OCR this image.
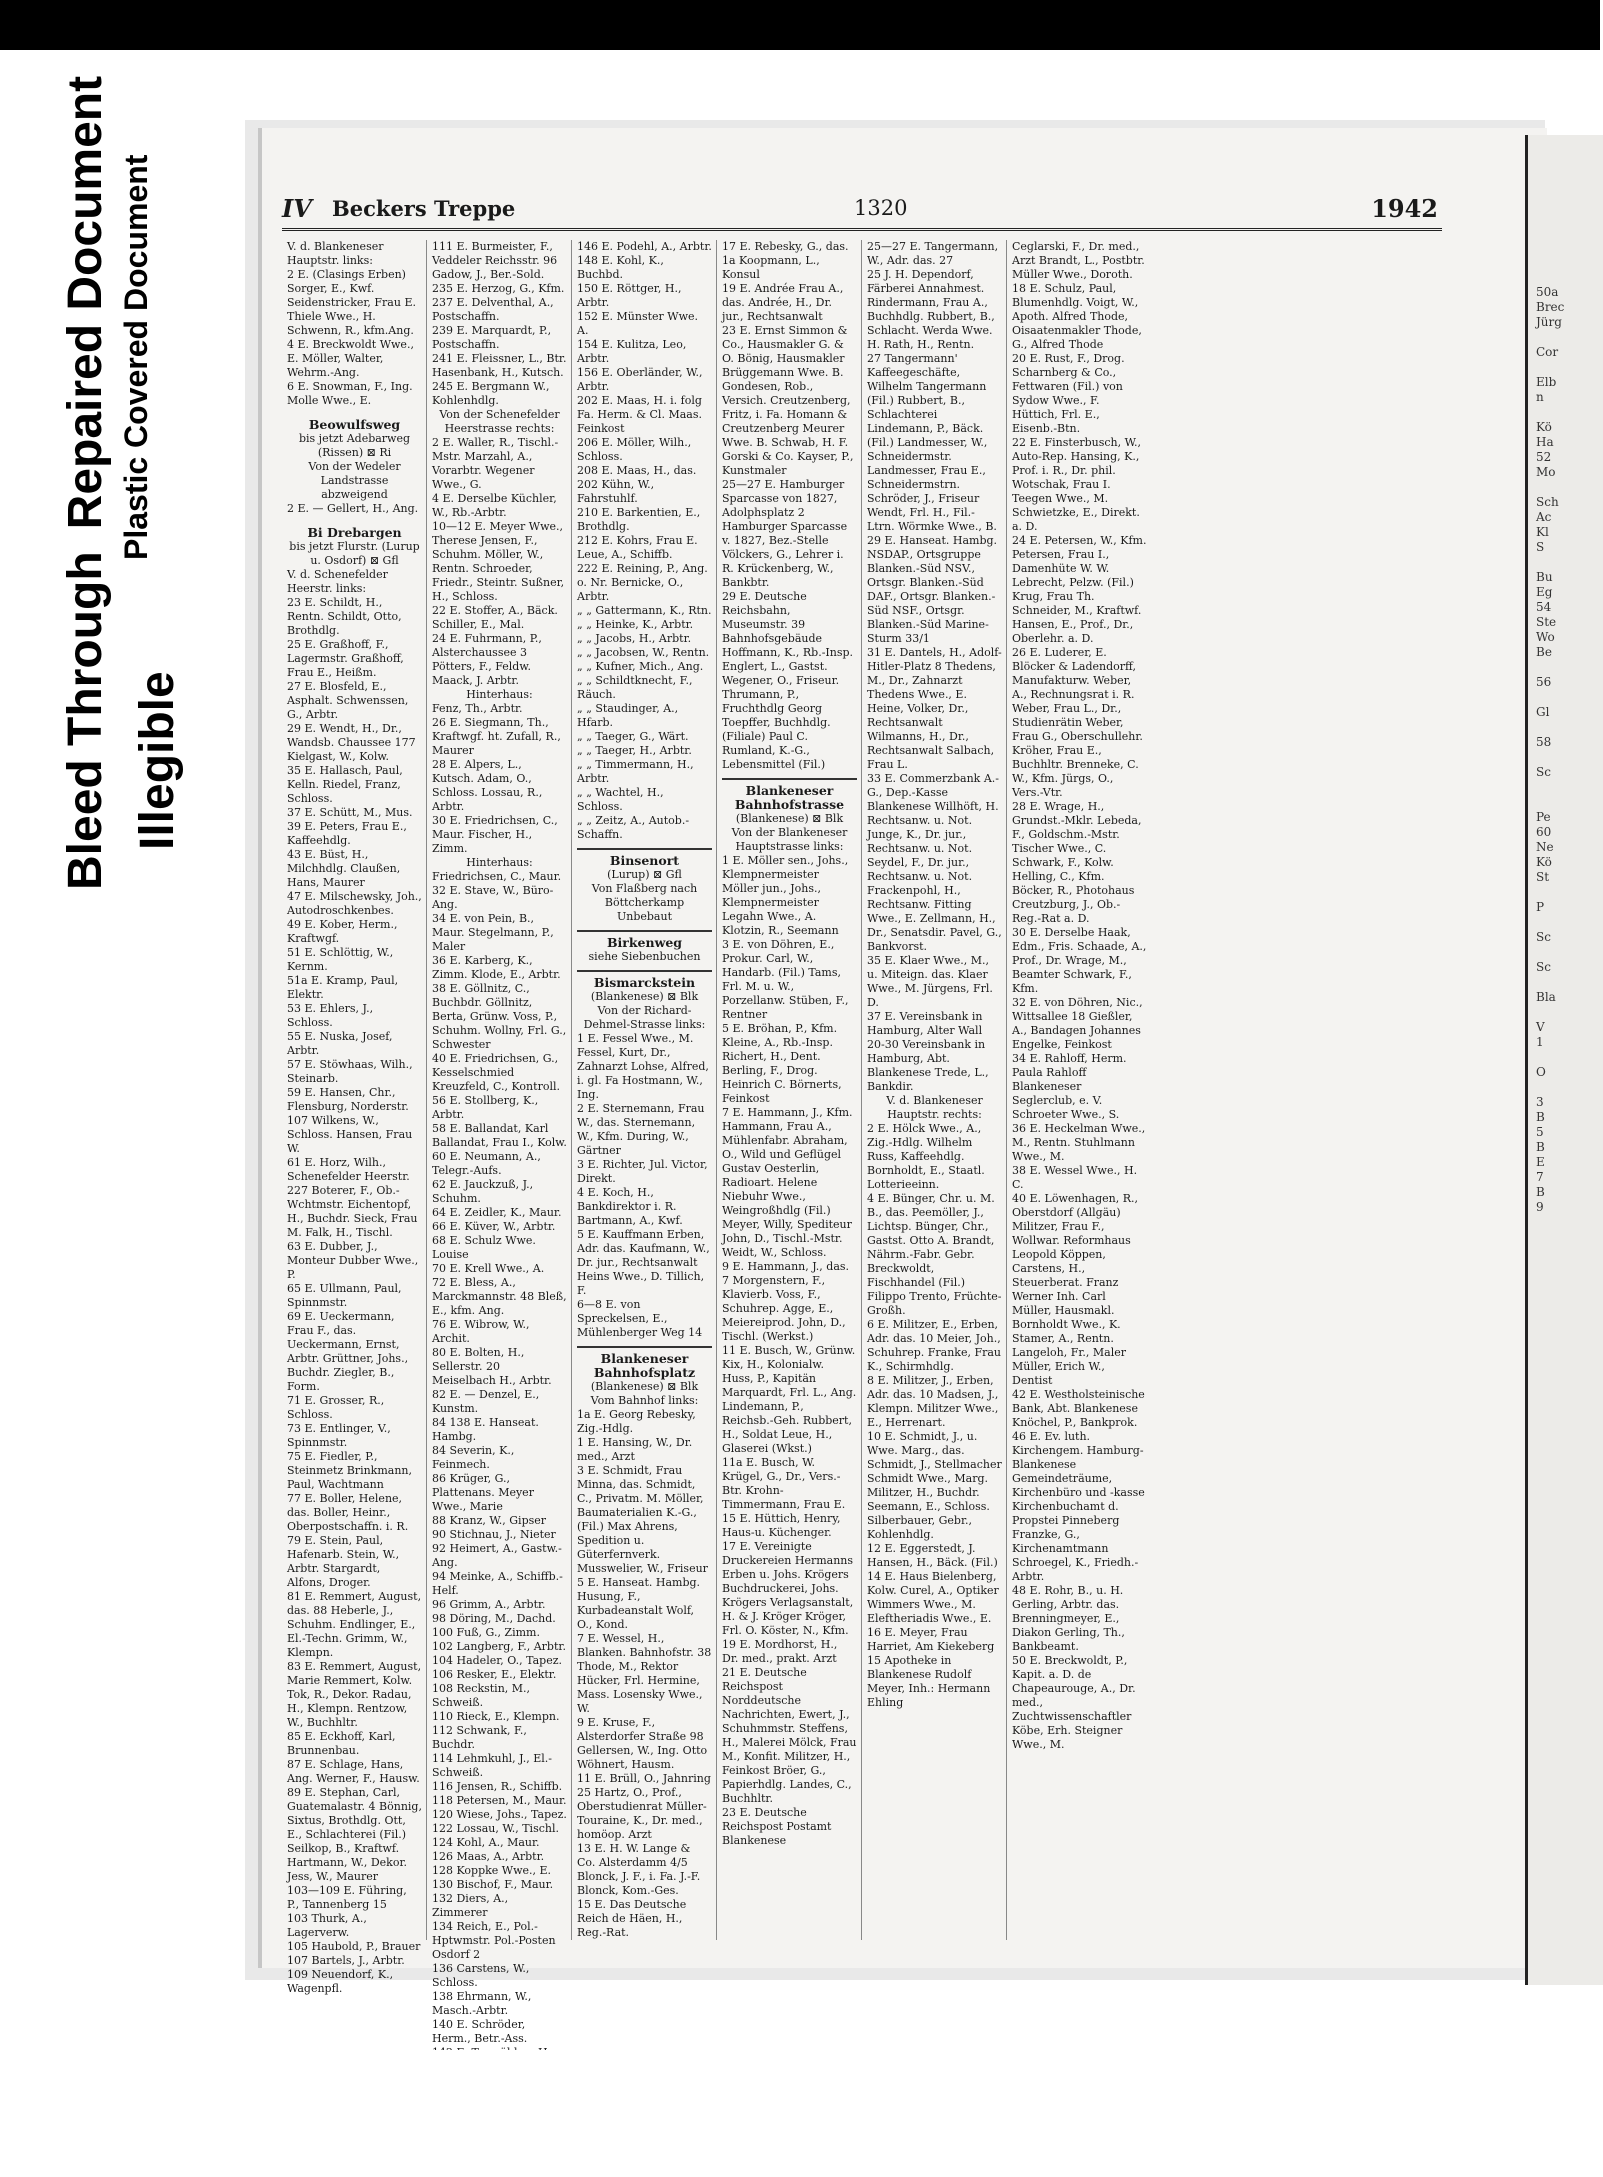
Bleed ThroughRepaired Document Plastic Covered Document
Illegible
50a
Brec
Jürg

Cor

Elb
n

Kö
Ha
52
Mo

Sch
Ac
Kl
S

Bu
Eg
54
Ste
Wo
Be

56

Gl

58

Sc

Pe
60
Ne
Kö
St

P

Sc

Sc

Bla

V
1

O

3
B
5
B
E
7
B
9
IV Beckers Treppe	1320	1942
V. d. Blankeneser Hauptstr. links:
2 E. (Clasings Erben) Sorger, E., Kwf. Seidenstricker, Frau E. Thiele Wwe., H. Schwenn, R., kfm.Ang.
4 E. Breckwoldt Wwe., E. Möller, Walter, Wehrm.-Ang.
6 E. Snowman, F., Ing. Molle Wwe., E.
Beowulfsweg
bis jetzt Adebarweg (Rissen) ⊠ Ri
Von der Wedeler Landstrasse abzweigend
2 E. — Gellert, H., Ang.
Bi Drebargen
bis jetzt Flurstr. (Lurup u. Osdorf) ⊠ Gfl
V. d. Schenefelder Heerstr. links:
23 E. Schildt, H., Rentn. Schildt, Otto, Brothdlg.
25 E. Graßhoff, F., Lagermstr. Graßhoff, Frau E., Heißm.
27 E. Blosfeld, E., Asphalt. Schwenssen, G., Arbtr.
29 E. Wendt, H., Dr., Wandsb. Chaussee 177 Kielgast, W., Kolw.
35 E. Hallasch, Paul, Kelln. Riedel, Franz, Schloss.
37 E. Schütt, M., Mus.
39 E. Peters, Frau E., Kaffeehdlg.
43 E. Büst, H., Milchhdlg. Claußen, Hans, Maurer
47 E. Milschewsky, Joh., Autodroschkenbes.
49 E. Kober, Herm., Kraftwgf.
51 E. Schlöttig, W., Kernm.
51a E. Kramp, Paul, Elektr.
53 E. Ehlers, J., Schloss.
55 E. Nuska, Josef, Arbtr.
57 E. Stöwhaas, Wilh., Steinarb.
59 E. Hansen, Chr., Flensburg, Norderstr. 107 Wilkens, W., Schloss. Hansen, Frau W.
61 E. Horz, Wilh., Schenefelder Heerstr. 227 Boterer, F., Ob.-Wchtmstr. Eichentopf, H., Buchdr. Sieck, Frau M. Falk, H., Tischl.
63 E. Dubber, J., Monteur Dubber Wwe., P.
65 E. Ullmann, Paul, Spinnmstr.
69 E. Ueckermann, Frau F., das. Ueckermann, Ernst, Arbtr. Grüttner, Johs., Buchdr. Ziegler, B., Form.
71 E. Grosser, R., Schloss.
73 E. Entlinger, V., Spinnmstr.
75 E. Fiedler, P., Steinmetz Brinkmann, Paul, Wachtmann
77 E. Boller, Helene, das. Boller, Heinr., Oberpostschaffn. i. R.
79 E. Stein, Paul, Hafenarb. Stein, W., Arbtr. Stargardt, Alfons, Droger.
81 E. Remmert, August, das. 88 Heberle, J., Schuhm. Endlinger, E., El.-Techn. Grimm, W., Klempn.
83 E. Remmert, August, Marie Remmert, Kolw. Tok, R., Dekor. Radau, H., Klempn. Rentzow, W., Buchhltr.
85 E. Eckhoff, Karl, Brunnenbau.
87 E. Schlage, Hans, Ang. Werner, F., Hausw.
89 E. Stephan, Carl, Guatemalastr. 4 Bönnig, Sixtus, Brothdlg. Ott, E., Schlachterei (Fil.) Seilkop, B., Kraftwf. Hartmann, W., Dekor. Jess, W., Maurer
103—109 E. Führing, P., Tannenberg 15
103 Thurk, A., Lagerverw.
105 Haubold, P., Brauer
107 Bartels, J., Arbtr.
109 Neuendorf, K., Wagenpfl.
111 E. Burmeister, F., Veddeler Reichsstr. 96 Gadow, J., Ber.-Sold.
235 E. Herzog, G., Kfm.
237 E. Delventhal, A., Postschaffn.
239 E. Marquardt, P., Postschaffn.
241 E. Fleissner, L., Btr. Hasenbank, H., Kutsch.
245 E. Bergmann W., Kohlenhdlg.
Von der Schenefelder Heerstrasse rechts:
2 E. Waller, R., Tischl.-Mstr. Marzahl, A., Vorarbtr. Wegener Wwe., G.
4 E. Derselbe Küchler, W., Rb.-Arbtr.
10—12 E. Meyer Wwe., Therese Jensen, F., Schuhm. Möller, W., Rentn. Schroeder, Friedr., Steintr. Sußner, H., Schloss.
22 E. Stoffer, A., Bäck. Schiller, E., Mal.
24 E. Fuhrmann, P., Alsterchaussee 3 Pötters, F., Feldw. Maack, J. Arbtr.
Hinterhaus:
Fenz, Th., Arbtr.
26 E. Siegmann, Th., Kraftwgf. ht. Zufall, R., Maurer
28 E. Alpers, L., Kutsch. Adam, O., Schloss. Lossau, R., Arbtr.
30 E. Friedrichsen, C., Maur. Fischer, H., Zimm.
Hinterhaus:
Friedrichsen, C., Maur.
32 E. Stave, W., Büro-Ang.
34 E. von Pein, B., Maur. Stegelmann, P., Maler
36 E. Karberg, K., Zimm. Klode, E., Arbtr.
38 E. Göllnitz, C., Buchbdr. Göllnitz, Berta, Grünw. Voss, P., Schuhm. Wollny, Frl. G., Schwester
40 E. Friedrichsen, G., Kesselschmied Kreuzfeld, C., Kontroll.
56 E. Stollberg, K., Arbtr.
58 E. Ballandat, Karl Ballandat, Frau I., Kolw.
60 E. Neumann, A., Telegr.-Aufs.
62 E. Jauckzuß, J., Schuhm.
64 E. Zeidler, K., Maur.
66 E. Küver, W., Arbtr.
68 E. Schulz Wwe. Louise
70 E. Krell Wwe., A.
72 E. Bless, A., Marckmannstr. 48 Bleß, E., kfm. Ang.
76 E. Wibrow, W., Archit.
80 E. Bolten, H., Sellerstr. 20 Meiselbach H., Arbtr.
82 E. — Denzel, E., Kunstm.
84 138 E. Hanseat. Hambg.
84 Severin, K., Feinmech.
86 Krüger, G., Plattenans. Meyer Wwe., Marie
88 Kranz, W., Gipser
90 Stichnau, J., Nieter
92 Heimert, A., Gastw.-Ang.
94 Meinke, A., Schiffb.-Helf.
96 Grimm, A., Arbtr.
98 Döring, M., Dachd.
100 Fuß, G., Zimm.
102 Langberg, F., Arbtr.
104 Hadeler, O., Tapez.
106 Resker, E., Elektr.
108 Reckstin, M., Schweiß.
110 Rieck, E., Klempn.
112 Schwank, F., Buchdr.
114 Lehmkuhl, J., El.-Schweiß.
116 Jensen, R., Schiffb.
118 Petersen, M., Maur.
120 Wiese, Johs., Tapez.
122 Lossau, W., Tischl.
124 Kohl, A., Maur.
126 Maas, A., Arbtr.
128 Koppke Wwe., E.
130 Bischof, F., Maur.
132 Diers, A., Zimmerer
134 Reich, E., Pol.-Hptwmstr. Pol.-Posten Osdorf 2
136 Carstens, W., Schloss.
138 Ehrmann, W., Masch.-Arbtr.
140 E. Schröder, Herm., Betr.-Ass.
146 E. Podehl, A., Arbtr.
148 E. Kohl, K., Buchbd.
150 E. Röttger, H., Arbtr.
152 E. Münster Wwe. A.
154 E. Kulitza, Leo, Arbtr.
156 E. Oberländer, W., Arbtr.
202 E. Maas, H. i. folg Fa. Herm. & Cl. Maas. Feinkost
206 E. Möller, Wilh., Schloss.
208 E. Maas, H., das. 202 Kühn, W., Fahrstuhlf.
210 E. Barkentien, E., Brothdlg.
212 E. Kohrs, Frau E. Leue, A., Schiffb.
222 E. Reining, P., Ang.
o. Nr. Bernicke, O., Arbtr.
„ „ Gattermann, K., Rtn.
„ „ Heinke, K., Arbtr.
„ „ Jacobs, H., Arbtr.
„ „ Jacobsen, W., Rentn.
„ „ Kufner, Mich., Ang.
„ „ Schildtknecht, F., Räuch.
„ „ Staudinger, A., Hfarb.
„ „ Taeger, G., Wärt.
„ „ Taeger, H., Arbtr.
„ „ Timmermann, H., Arbtr.
„ „ Wachtel, H., Schloss.
„ „ Zeitz, A., Autob.-Schaffn.
Binsenort
(Lurup) ⊠ Gfl
Von Flaßberg nach Böttcherkamp
Unbebaut
Birkenweg
siehe Siebenbuchen
Bismarckstein
(Blankenese) ⊠ Blk
Von der Richard-Dehmel-Strasse links:
1 E. Fessel Wwe., M. Fessel, Kurt, Dr., Zahnarzt Lohse, Alfred, i. gl. Fa Hostmann, W., Ing.
2 E. Sternemann, Frau W., das. Sternemann, W., Kfm. During, W., Gärtner
3 E. Richter, Jul. Victor, Direkt.
4 E. Koch, H., Bankdirektor i. R. Bartmann, A., Kwf.
5 E. Kauffmann Erben, Adr. das. Kaufmann, W., Dr. jur., Rechtsanwalt Heins Wwe., D. Tillich, F.
6—8 E. von Spreckelsen, E., Mühlenberger Weg 14
Blankeneser Bahnhofsplatz
(Blankenese) ⊠ Blk
Vom Bahnhof links:
1a E. Georg Rebesky, Zig.-Hdlg.
1 E. Hansing, W., Dr. med., Arzt
3 E. Schmidt, Frau Minna, das. Schmidt, C., Privatm. M. Möller, Baumaterialien K.-G., (Fil.) Max Ahrens, Spedition u. Güterfernverk. Musswelier, W., Friseur
5 E. Hanseat. Hambg. Husung, F., Kurbadeanstalt Wolf, O., Kond.
7 E. Wessel, H., Blanken. Bahnhofstr. 38 Thode, M., Rektor Hücker, Frl. Hermine, Mass. Losensky Wwe., W.
9 E. Kruse, F., Alsterdorfer Straße 98 Gellersen, W., Ing. Otto Wöhnert, Hausm.
11 E. Brüll, O., Jahnring 25 Hartz, O., Prof., Oberstudienrat Müller-Touraine, K., Dr. med., homöop. Arzt
13 E. H. W. Lange & Co. Alsterdamm 4/5 Blonck, J. F., i. Fa. J.-F. Blonck, Kom.-Ges.
15 E. Das Deutsche Reich de Häen, H., Reg.-Rat.
17 E. Rebesky, G., das. 1a Koopmann, L., Konsul
19 E. Andrée Frau A., das. Andrée, H., Dr. jur., Rechtsanwalt
23 E. Ernst Simmon & Co., Hausmakler G. & O. Bönig, Hausmakler Brüggemann Wwe. B. Gondesen, Rob., Versich. Creutzenberg, Fritz, i. Fa. Homann & Creutzenberg Meurer Wwe. B. Schwab, H. F. Gorski & Co. Kayser, P., Kunstmaler
25—27 E. Hamburger Sparcasse von 1827, Adolphsplatz 2 Hamburger Sparcasse v. 1827, Bez.-Stelle Völckers, G., Lehrer i. R. Krückenberg, W., Bankbtr.
29 E. Deutsche Reichsbahn, Museumstr. 39 Bahnhofsgebäude Hoffmann, K., Rb.-Insp. Englert, L., Gastst. Wegener, O., Friseur. Thrumann, P., Fruchthdlg Georg Toepffer, Buchhdlg. (Filiale) Paul C. Rumland, K.-G., Lebensmittel (Fil.)
Blankeneser Bahnhofstrasse
(Blankenese) ⊠ Blk
Von der Blankeneser Hauptstrasse links:
1 E. Möller sen., Johs., Klempnermeister Möller jun., Johs., Klempnermeister Legahn Wwe., A. Klotzin, R., Seemann
3 E. von Döhren, E., Prokur. Carl, W., Handarb. (Fil.) Tams, Frl. M. u. W., Porzellanw. Stüben, F., Rentner
5 E. Bröhan, P., Kfm. Kleine, A., Rb.-Insp. Richert, H., Dent. Berling, F., Drog. Heinrich C. Börnerts, Feinkost
7 E. Hammann, J., Kfm. Hammann, Frau A., Mühlenfabr. Abraham, O., Wild und Geflügel Gustav Oesterlin, Radioart. Helene Niebuhr Wwe., Weingroßhdlg (Fil.) Meyer, Willy, Spediteur John, D., Tischl.-Mstr. Weidt, W., Schloss.
9 E. Hammann, J., das. 7 Morgenstern, F., Klavierb. Voss, F., Schuhrep. Agge, E., Meiereiprod. John, D., Tischl. (Werkst.)
11 E. Busch, W., Grünw. Kix, H., Kolonialw. Huss, P., Kapitän Marquardt, Frl. L., Ang. Lindemann, P., Reichsb.-Geh. Rubbert, H., Soldat Leue, H., Glaserei (Wkst.)
11a E. Busch, W. Krügel, G., Dr., Vers.-Btr. Krohn-Timmermann, Frau E.
15 E. Hüttich, Henry, Haus-u. Küchenger.
17 E. Vereinigte Druckereien Hermanns Erben u. Johs. Krögers Buchdruckerei, Johs. Krögers Verlagsanstalt, H. & J. Kröger Kröger, Frl. O. Köster, N., Kfm.
19 E. Mordhorst, H., Dr. med., prakt. Arzt
21 E. Deutsche Reichspost Norddeutsche Nachrichten, Ewert, J., Schuhmmstr. Steffens, H., Malerei Mölck, Frau M., Konfit. Militzer, H., Feinkost Bröer, G., Papierhdlg. Landes, C., Buchhltr.
23 E. Deutsche Reichspost Postamt Blankenese
25—27 E. Tangermann, W., Adr. das. 27
25 J. H. Dependorf, Färberei Annahmest. Rindermann, Frau A., Buchhdlg. Rubbert, B., Schlacht. Werda Wwe. H. Rath, H., Rentn.
27 Tangermann' Kaffeegeschäfte, Wilhelm Tangermann (Fil.) Rubbert, B., Schlachterei Lindemann, P., Bäck. (Fil.) Landmesser, W., Schneidermstr. Landmesser, Frau E., Schneidermstrn. Schröder, J., Friseur Wendt, Frl. H., Fil.-Ltrn. Wörmke Wwe., B.
29 E. Hanseat. Hambg. NSDAP., Ortsgruppe Blanken.-Süd NSV., Ortsgr. Blanken.-Süd DAF., Ortsgr. Blanken.-Süd NSF., Ortsgr. Blanken.-Süd Marine-Sturm 33/1
31 E. Dantels, H., Adolf-Hitler-Platz 8 Thedens, M., Dr., Zahnarzt Thedens Wwe., E. Heine, Volker, Dr., Rechtsanwalt Wilmanns, H., Dr., Rechtsanwalt Salbach, Frau L.
33 E. Commerzbank A.-G., Dep.-Kasse Blankenese Willhöft, H. Rechtsanw. u. Not. Junge, K., Dr. jur., Rechtsanw. u. Not. Seydel, F., Dr. jur., Rechtsanw. u. Not. Frackenpohl, H., Rechtsanw. Fitting Wwe., E. Zellmann, H., Dr., Senatsdir. Pavel, G., Bankvorst.
35 E. Klaer Wwe., M., u. Miteign. das. Klaer Wwe., M. Jürgens, Frl. D.
37 E. Vereinsbank in Hamburg, Alter Wall 20-30 Vereinsbank in Hamburg, Abt. Blankenese Trede, L., Bankdir.
V. d. Blankeneser Hauptstr. rechts:
2 E. Hölck Wwe., A., Zig.-Hdlg. Wilhelm Russ, Kaffeehdlg. Bornholdt, E., Staatl. Lotterieeinn.
4 E. Bünger, Chr. u. M. B., das. Peemöller, J., Lichtsp. Bünger, Chr., Gastst. Otto A. Brandt, Nährm.-Fabr. Gebr. Breckwoldt, Fischhandel (Fil.) Filippo Trento, Früchte-Großh.
6 E. Militzer, E., Erben, Adr. das. 10 Meier, Joh., Schuhrep. Franke, Frau K., Schirmhdlg.
8 E. Militzer, J., Erben, Adr. das. 10 Madsen, J., Klempn. Militzer Wwe., E., Herrenart.
10 E. Schmidt, J., u. Wwe. Marg., das. Schmidt, J., Stellmacher Schmidt Wwe., Marg. Militzer, H., Buchdr. Seemann, E., Schloss. Silberbauer, Gebr., Kohlenhdlg.
12 E. Eggerstedt, J. Hansen, H., Bäck. (Fil.)
14 E. Haus Bielenberg, Kolw. Curel, A., Optiker Wimmers Wwe., M. Eleftheriadis Wwe., E.
16 E. Meyer, Frau Harriet, Am Kiekeberg 15 Apotheke in Blankenese Rudolf Meyer, Inh.: Hermann Ehling
Ceglarski, F., Dr. med., Arzt Brandt, L., Postbtr. Müller Wwe., Doroth.
18 E. Schulz, Paul, Blumenhdlg. Voigt, W., Apoth. Alfred Thode, Oisaatenmakler Thode, G., Alfred Thode
20 E. Rust, F., Drog. Scharnberg & Co., Fettwaren (Fil.) von Sydow Wwe., F. Hüttich, Frl. E., Eisenb.-Btn.
22 E. Finsterbusch, W., Auto-Rep. Hansing, K., Prof. i. R., Dr. phil. Wotschak, Frau I. Teegen Wwe., M. Schwietzke, E., Direkt. a. D.
24 E. Petersen, W., Kfm. Petersen, Frau I., Damenhüte W. W. Lebrecht, Pelzw. (Fil.) Krug, Frau Th. Schneider, M., Kraftwf. Hansen, E., Prof., Dr., Oberlehr. a. D.
26 E. Luderer, E. Blöcker & Ladendorff, Manufakturw. Weber, A., Rechnungsrat i. R. Weber, Frau L., Dr., Studienrätin Weber, Frau G., Oberschullehr. Kröher, Frau E., Buchhltr. Brenneke, C. W., Kfm. Jürgs, O., Vers.-Vtr.
28 E. Wrage, H., Grundst.-Mklr. Lebeda, F., Goldschm.-Mstr. Tischer Wwe., C. Schwark, F., Kolw. Helling, C., Kfm. Böcker, R., Photohaus Creutzburg, J., Ob.-Reg.-Rat a. D.
30 E. Derselbe Haak, Edm., Fris. Schaade, A., Prof., Dr. Wrage, M., Beamter Schwark, F., Kfm.
32 E. von Döhren, Nic., Wittsallee 18 Gießler, A., Bandagen Johannes Engelke, Feinkost
34 E. Rahloff, Herm. Paula Rahloff Blankeneser Seglerclub, e. V. Schroeter Wwe., S.
36 E. Heckelman Wwe., M., Rentn. Stuhlmann Wwe., M.
38 E. Wessel Wwe., H. C.
40 E. Löwenhagen, R., Oberstdorf (Allgäu) Militzer, Frau F., Wollwar. Reformhaus Leopold Köppen, Carstens, H., Steuerberat. Franz Werner Inh. Carl Müller, Hausmakl. Bornholdt Wwe., K. Stamer, A., Rentn. Langeloh, Fr., Maler Müller, Erich W., Dentist
42 E. Westholsteinische Bank, Abt. Blankenese Knöchel, P., Bankprok.
46 E. Ev. luth. Kirchengem. Hamburg-Blankenese Gemeindeträume, Kirchenbüro und -kasse Kirchenbuchamt d. Propstei Pinneberg Franzke, G., Kirchenamtmann Schroegel, K., Friedh.-Arbtr.
48 E. Rohr, B., u. H. Gerling, Arbtr. das. Brenningmeyer, E., Diakon Gerling, Th., Bankbeamt.
50 E. Breckwoldt, P., Kapit. a. D. de Chapeaurouge, A., Dr. med., Zuchtwissenschaftler Köbe, Erh. Steigner Wwe., M.
